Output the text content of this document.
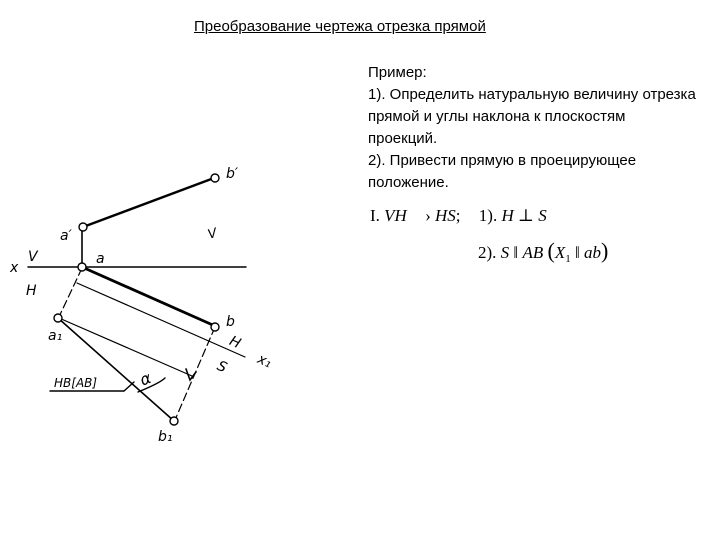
Преобразование чертежа отрезка прямой
Пример:
1). Определить натуральную величину отрезка прямой и углы наклона к плоскостям проекций.
2). Привести прямую в проецирующее положение.
I. VH › HS; 1). H ⊥ S
2). S ‖ AB ($X_1$ ‖ ab)
b′
a′	V
x
V
H
a
b
H
S x₁
a₁
b₁
α
HB[AB]
